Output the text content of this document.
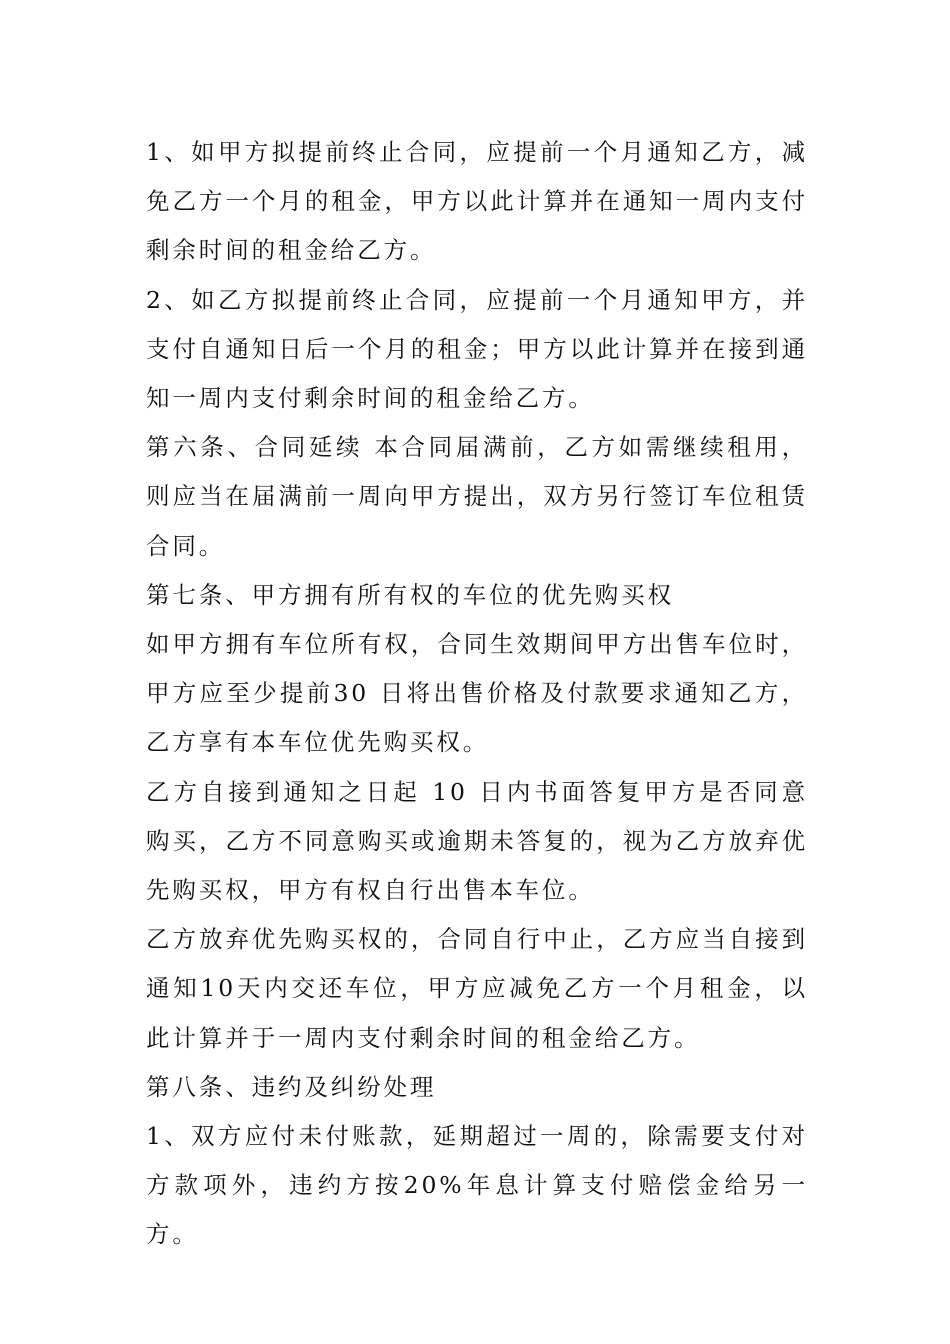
1、如甲方拟提前终止合同，应提前一个月通知乙方，减免乙方一个月的租金，甲方以此计算并在通知一周内支付剩余时间的租金给乙方。

2、如乙方拟提前终止合同，应提前一个月通知甲方，并支付自通知日后一个月的租金；甲方以此计算并在接到通知一周内支付剩余时间的租金给乙方。

第六条、合同延续 本合同届满前，乙方如需继续租用，则应当在届满前一周向甲方提出，双方另行签订车位租赁合同。

第七条、甲方拥有所有权的车位的优先购买权

如甲方拥有车位所有权，合同生效期间甲方出售车位时，甲方应至少提前30 日将出售价格及付款要求通知乙方，乙方享有本车位优先购买权。

乙方自接到通知之日起 10 日内书面答复甲方是否同意购买，乙方不同意购买或逾期未答复的，视为乙方放弃优先购买权，甲方有权自行出售本车位。

乙方放弃优先购买权的，合同自行中止，乙方应当自接到通知10天内交还车位，甲方应减免乙方一个月租金，以此计算并于一周内支付剩余时间的租金给乙方。

第八条、违约及纠纷处理

1、双方应付未付账款，延期超过一周的，除需要支付对方款项外，违约方按20%年息计算支付赔偿金给另一方。
